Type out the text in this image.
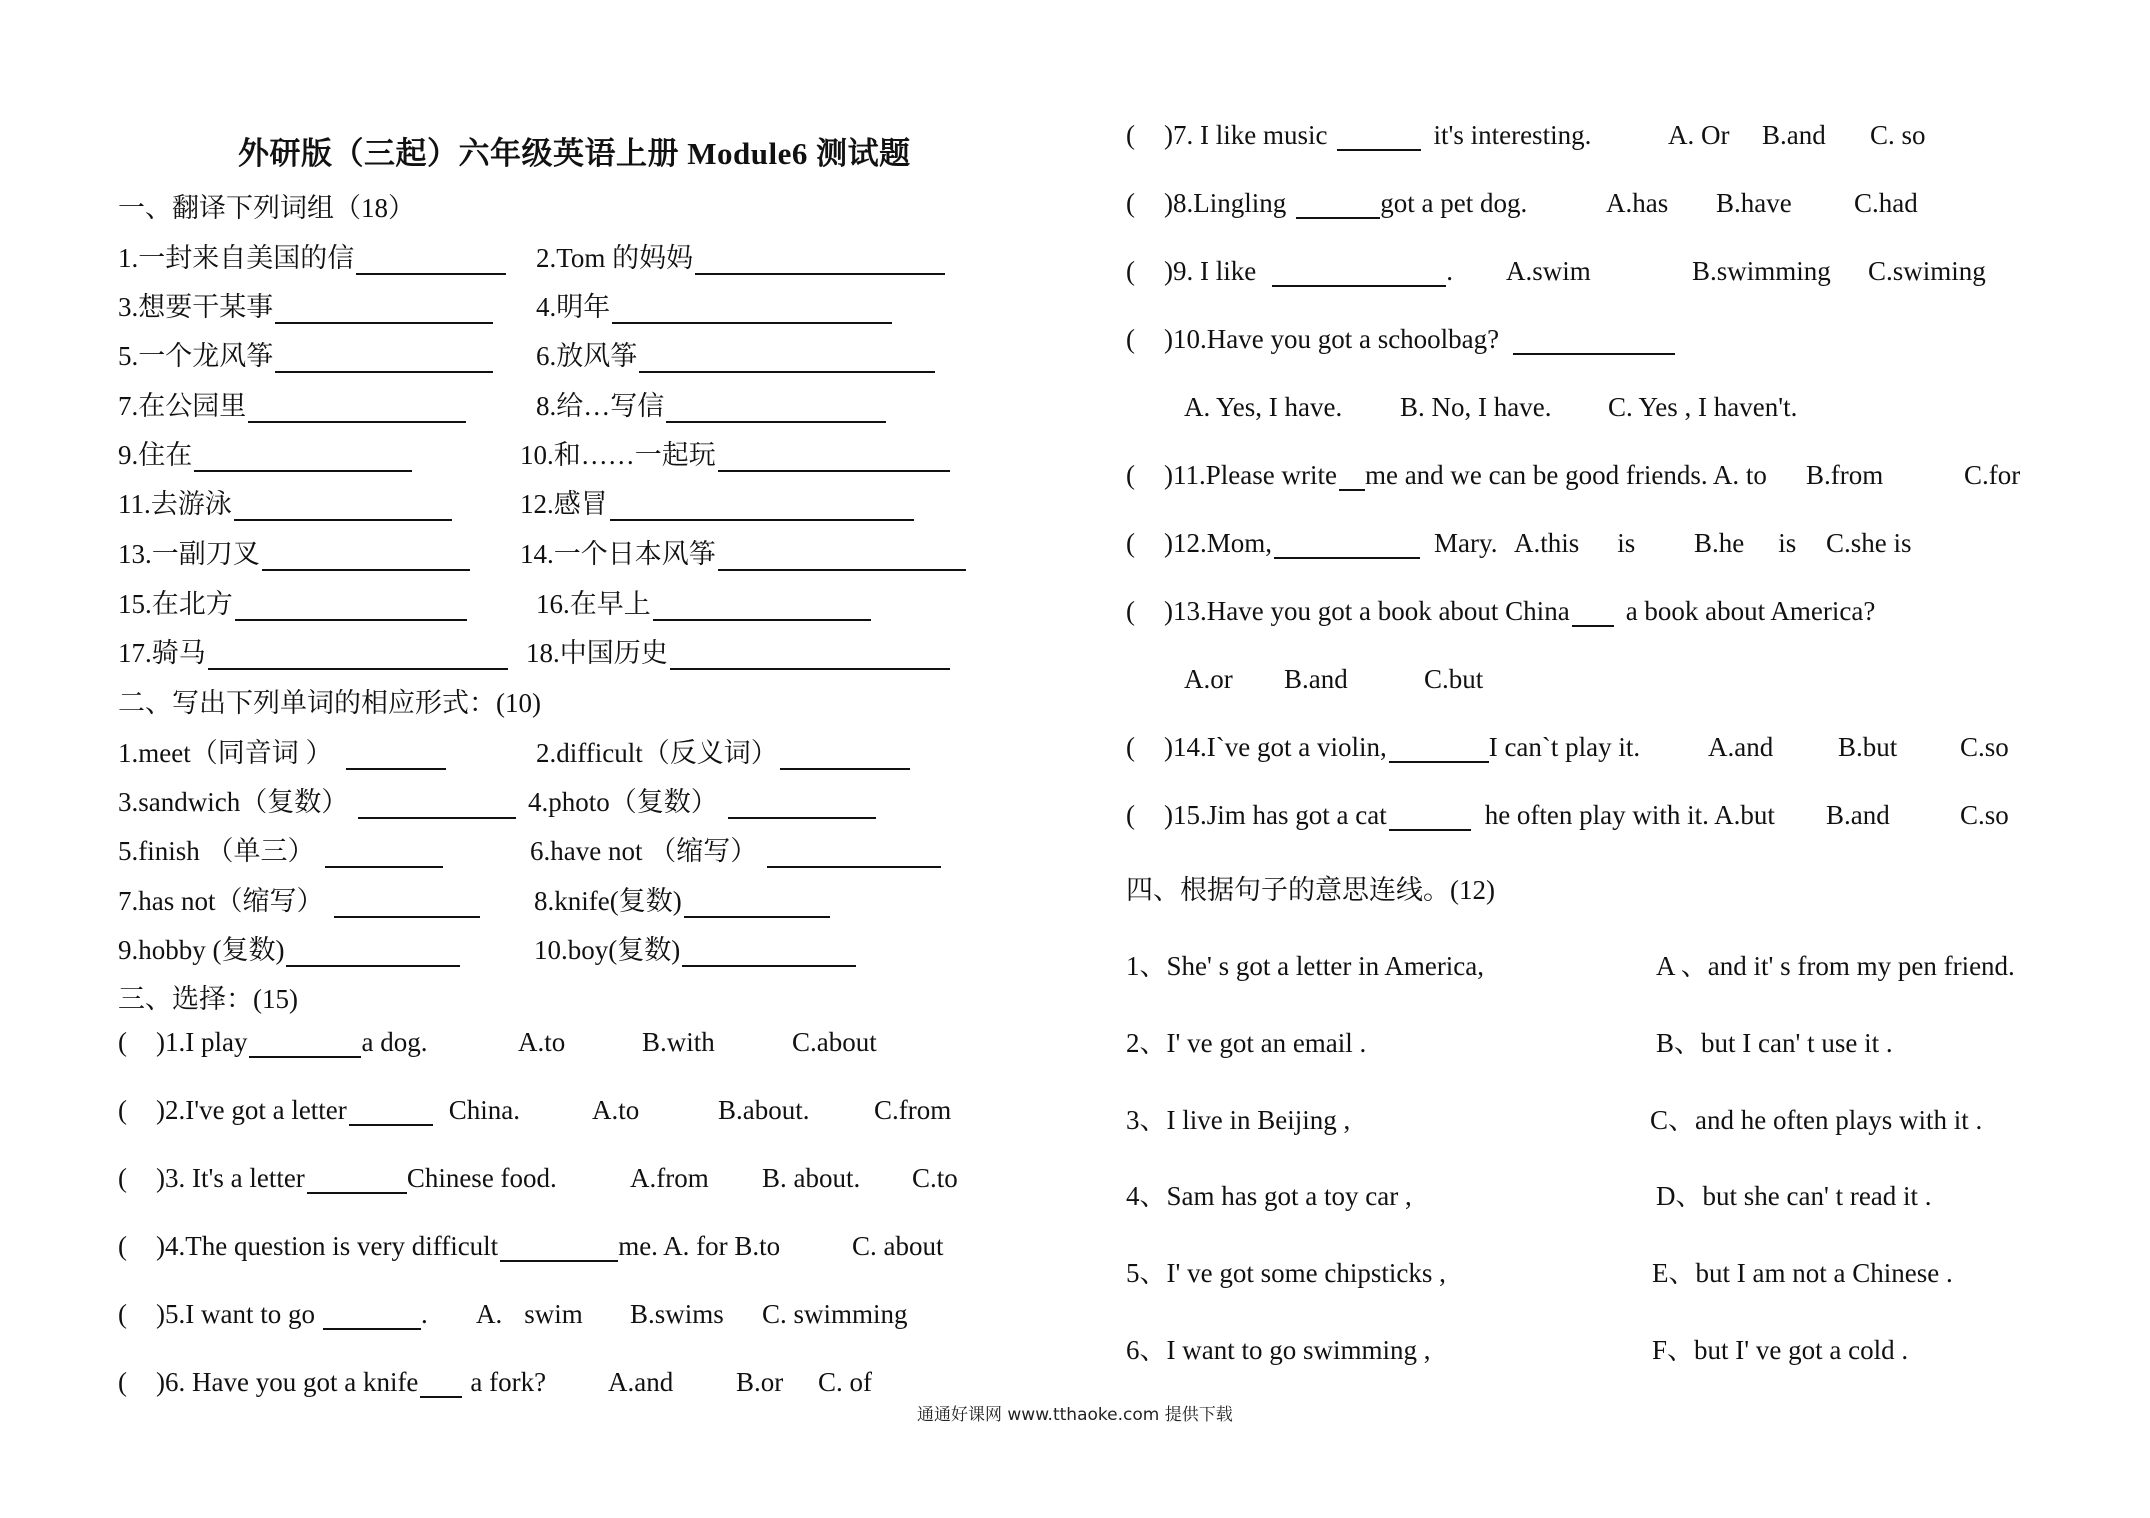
外研版（三起）六年级英语上册 Module6 测试题
一、翻译下列词组（18）
1.一封来自美国的信	2.Tom 的妈妈
3.想要干某事	4.明年
5.一个龙风筝	6.放风筝
7.在公园里	8.给…写信
9.住在	10.和……一起玩
11.去游泳	12.感冒
13.一副刀叉	14.一个日本风筝
15.在北方	16.在早上
17.骑马	18.中国历史
二、写出下列单词的相应形式：(10)
1.meet（同音词 ）	2.difficult（反义词）
3.sandwich（复数）	4.photo（复数）
5.finish （单三）	6.have not （缩写）
7.has not（缩写）	8.knife(复数)
9.hobby (复数)	10.boy(复数)
三、选择：(15)
( )1.I play	a dog.	A.to	B.with	C.about
( )2.I've got a letter	China.	A.to	B.about. C.from
( )3. It's a letter	Chinese food.	A.from B. about. C.to
( )4.The question is very difficult	me. A. for B.to	C. about
( )5.I want to go	. A. swim B.swims C. swimming
( )6. Have you got a knife a fork? A.and B.or C. of
( )7. I like music	it's interesting.	A. Or B.and C. so
( )8.Lingling	got a pet dog.	A.has B.have C.had
( )9. I like	. A.swim	B.swimming C.swiming
( )10.Have you got a schoolbag?
A. Yes, I have. B. No, I have. C. Yes , I haven't.
( )11.Please write me and we can be good friends. A. to B.from	C.for
( )12.Mom,	Mary. A.this is B.he is C.she is
( )13.Have you got a book about China a book about America?
A.or B.and	C.but
( )14.I`ve got a violin,	I can`t play it.	A.and B.but C.so
( )15.Jim has got a cat	he often play with it. A.but B.and	C.so
四、根据句子的意思连线。(12)
1、She' s got a letter in America,	A 、and it' s from my pen friend.
2、I' ve got an email .	B、but I can' t use it .
3、I live in Beijing ,	C、and he often plays with it .
4、Sam has got a toy car ,	D、but she can' t read it .
5、I' ve got some chipsticks ,	E、but I am not a Chinese .
6、I want to go swimming ,	F、but I' ve got a cold .
通通好课网 www.tthaoke.com 提供下载
